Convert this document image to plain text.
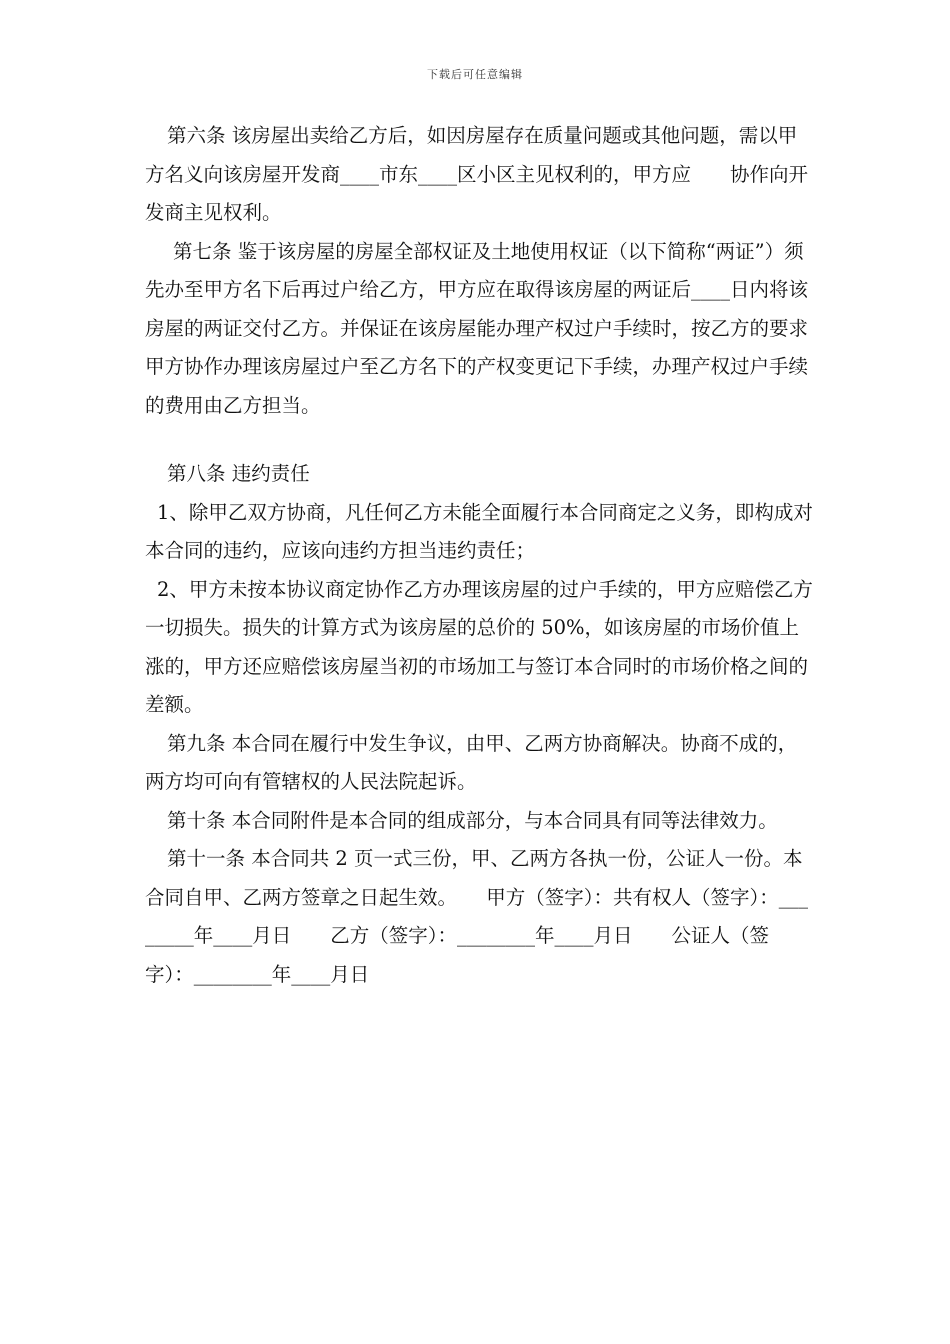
下载后可任意编辑

第六条 该房屋出卖给乙方后，如因房屋存在质量问题或其他问题，需以甲方名义向该房屋开发商____市东____区小区主见权利的，甲方应　　协作向开发商主见权利。

第七条 鉴于该房屋的房屋全部权证及土地使用权证（以下简称“两证”）须先办至甲方名下后再过户给乙方，甲方应在取得该房屋的两证后____日内将该房屋的两证交付乙方。并保证在该房屋能办理产权过户手续时，按乙方的要求甲方协作办理该房屋过户至乙方名下的产权变更记下手续，办理产权过户手续的费用由乙方担当。

第八条 违约责任

1、除甲乙双方协商，凡任何乙方未能全面履行本合同商定之义务，即构成对本合同的违约，应该向违约方担当违约责任；

2、甲方未按本协议商定协作乙方办理该房屋的过户手续的，甲方应赔偿乙方一切损失。损失的计算方式为该房屋的总价的 50%，如该房屋的市场价值上涨的，甲方还应赔偿该房屋当初的市场加工与签订本合同时的市场价格之间的差额。

第九条 本合同在履行中发生争议，由甲、乙两方协商解决。协商不成的，两方均可向有管辖权的人民法院起诉。

第十条 本合同附件是本合同的组成部分，与本合同具有同等法律效力。

第十一条 本合同共 2 页一式三份，甲、乙两方各执一份，公证人一份。本合同自甲、乙两方签章之日起生效。　　甲方（签字）：共有权人（签字）：________年____月日　　乙方（签字）：________年____月日　　公证人（签字）：________年____月日
